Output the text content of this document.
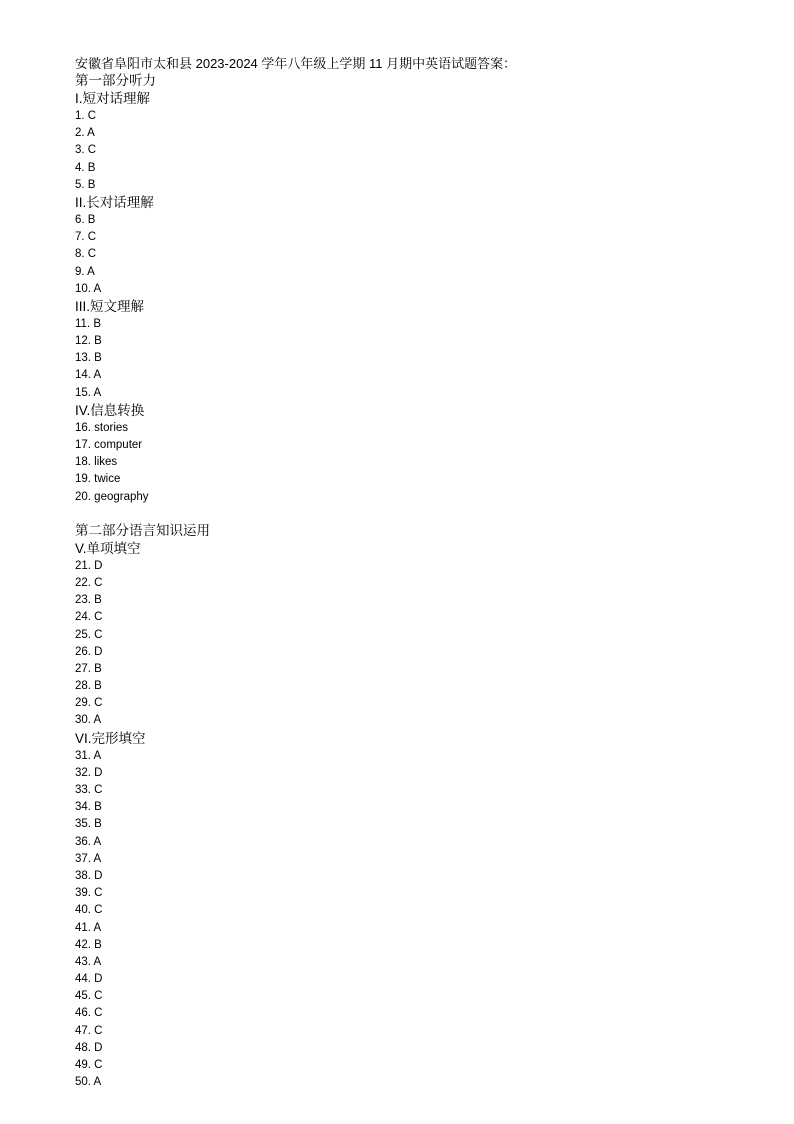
安徽省阜阳市太和县 2023-2024 学年八年级上学期 11 月期中英语试题答案：
第一部分听力
I.短对话理解
1. C
2. A
3. C
4. B
5. B
II.长对话理解
6. B
7. C
8. C
9. A
10. A
III.短文理解
11. B
12. B
13. B
14. A
15. A
IV.信息转换
16. stories
17. computer
18. likes
19. twice
20. geography
第二部分语言知识运用
V.单项填空
21. D
22. C
23. B
24. C
25. C
26. D
27. B
28. B
29. C
30. A
VI.完形填空
31. A
32. D
33. C
34. B
35. B
36. A
37. A
38. D
39. C
40. C
41. A
42. B
43. A
44. D
45. C
46. C
47. C
48. D
49. C
50. A
